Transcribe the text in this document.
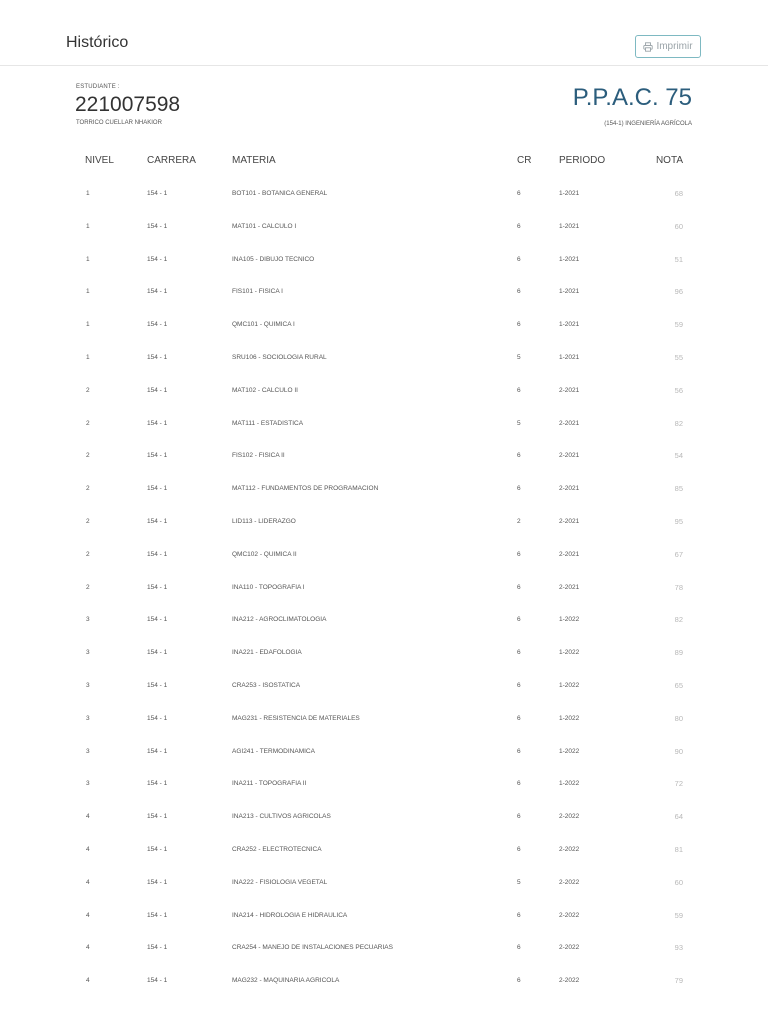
Histórico	Imprimir
ESTUDIANTE :
221007598
TORRICO CUELLAR NHAKIOR
P.P.A.C. 75
(154-1) INGENIERÍA AGRÍCOLA
NIVEL	CARRERA	MATERIA	CR	PERIODO	NOTA
1	154 - 1	BOT101 - BOTANICA GENERAL	6	1-2021	68
1	154 - 1	MAT101 - CALCULO I	6	1-2021	60
1	154 - 1	INA105 - DIBUJO TECNICO	6	1-2021	51
1	154 - 1	FIS101 - FISICA I	6	1-2021	96
1	154 - 1	QMC101 - QUIMICA I	6	1-2021	59
1	154 - 1	SRU106 - SOCIOLOGIA RURAL	5	1-2021	55
2	154 - 1	MAT102 - CALCULO II	6	2-2021	56
2	154 - 1	MAT111 - ESTADISTICA	5	2-2021	82
2	154 - 1	FIS102 - FISICA II	6	2-2021	54
2	154 - 1	MAT112 - FUNDAMENTOS DE PROGRAMACION	6	2-2021	85
2	154 - 1	LID113 - LIDERAZGO	2	2-2021	95
2	154 - 1	QMC102 - QUIMICA II	6	2-2021	67
2	154 - 1	INA110 - TOPOGRAFIA I	6	2-2021	78
3	154 - 1	INA212 - AGROCLIMATOLOGIA	6	1-2022	82
3	154 - 1	INA221 - EDAFOLOGIA	6	1-2022	89
3	154 - 1	CRA253 - ISOSTATICA	6	1-2022	65
3	154 - 1	MAG231 - RESISTENCIA DE MATERIALES	6	1-2022	80
3	154 - 1	AGI241 - TERMODINAMICA	6	1-2022	90
3	154 - 1	INA211 - TOPOGRAFIA II	6	1-2022	72
4	154 - 1	INA213 - CULTIVOS AGRICOLAS	6	2-2022	64
4	154 - 1	CRA252 - ELECTROTECNICA	6	2-2022	81
4	154 - 1	INA222 - FISIOLOGIA VEGETAL	5	2-2022	60
4	154 - 1	INA214 - HIDROLOGIA E HIDRAULICA	6	2-2022	59
4	154 - 1	CRA254 - MANEJO DE INSTALACIONES PECUARIAS	6	2-2022	93
4	154 - 1	MAG232 - MAQUINARIA AGRICOLA	6	2-2022	79
